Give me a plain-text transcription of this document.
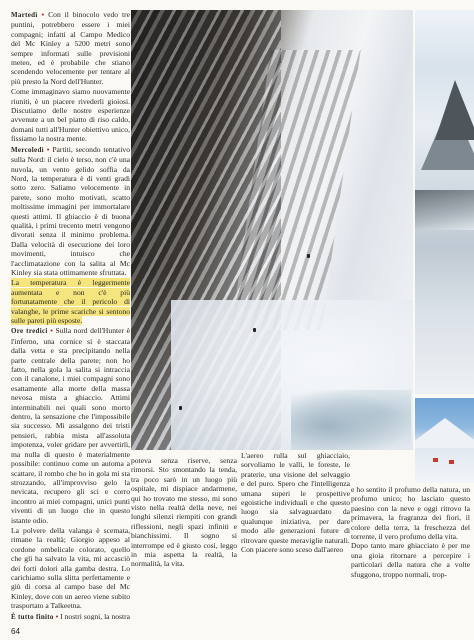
Martedì • Con il binocolo vedo tre puntini, potrebbero essere i miei compagni; infatti al Campo Medico del Mc Kinley a 5200 metri sono sempre informati sulle previsioni meteo, ed è probabile che stiano scendendo velocemente per tentare al più presto la Nord dell'Hunter.

Come immaginavo siamo nuovamente riuniti, è un piacere rivederli gioiosi. Discutiamo delle nostre esperienze avvenute a un bel piatto di riso caldo, domani tutti all'Hunter obiettivo unico, fissiamo la nostra mente.

Mercoledì • Partiti, secondo tentativo sulla Nord: il cielo è terso, non c'è una nuvola, un vento gelido soffia da Nord, la temperatura è di venti gradi sotto zero. Saliamo velocemente in parete, sono molto motivati, scatto moltissime immagini per immortalare questi attimi. Il ghiaccio è di buona qualità, i primi trecento metri vengono divorati senza il minimo problema. Dalla velocità di esecuzione dei loro movimenti, intuisco che l'acclimatazione con la salita al Mc Kinley sia stata ottimamente sfruttata.

La temperatura è leggermente aumentata e non c'è più fortunatamente che il pericolo di valanghe, le prime scariche si sentono sulle pareti più esposte.

Ore tredici • Sulla nord dell'Hunter è l'inferno, una cornice si è staccata dalla vetta e sta precipitando nella parte centrale della parete; non ho fatto, nella gola la salita si intraccia con il canalone, i miei compagni sono esattamente alla morte della massa nevosa mista a ghiaccio. Attimi interminabili nei quali sono morto dentro, la sensazione che l'impossibile sia successo. Mi assalgono dei tristi pensieri, rabbia mista all'assoluta impotenza, voler gridare per avvertirli, ma nulla di questo è materialmente possibile: continuo come un automa a scattare, il rombo che ho in gola mi sta strozzando, all'improvviso gelo la nevicata, recupero gli sci e corro incontro ai miei compagni, unici punti viventi di un luogo che in questo istante odio.

La polvere della valanga è scemata, rimane la realtà; Giorgio appeso al cordone ombelicale colorato, quello che gli ha salvato la vita, mi accasciò dei forti dolori alla gamba destra. Lo carichiamo sulla slitta perfettamente e giù di corsa al campo base del Mc Kinley, dove con un aereo viene subito trasportato a Talkeetna.

È tutto finito • I nostri sogni, la nostra

poteva senza riserve, senza rimorsi. Sto smontando la tenda, tra poco sarò in un luogo più ospitale, mi dispiace andarmene, qui ho trovato me stesso, mi sono visto nella realtà della neve, nei lunghi silenzi riempiti con grandi riflessioni, negli spazi infiniti e bianchissimi. Il sogno si interrompe ed è giusto così, leggo in mia aspetta la realtà, la normalità, la vita.

L'aereo rulla sul ghiacciaio, sorvoliamo le valli, le foreste, le praterie, una visione del selvaggio e del puro. Spero che l'intelligenza umana superi le prospettive egoistiche individuali e che questo luogo sia salvaguardato da qualunque iniziativa, per dare modo alle generazioni future di ritrovare queste meraviglie naturali.
Con piacere sono sceso dall'aereo

e ho sentito il profumo della natura, un profumo unico; ho lasciato questo paesino con la neve e oggi ritrovo la primavera, la fragranza dei fiori, il colore della terra, la freschezza del torrente, il vero profumo della vita.
Dopo tanto mare ghiacciato è per me una gioia ritornare a percepire i particolari della natura che a volte sfuggono, troppo normali, trop-

64
